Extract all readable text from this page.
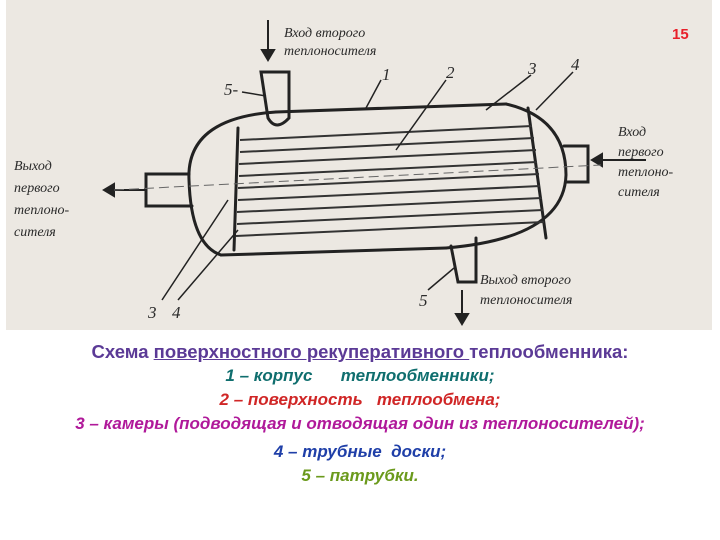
Вход второго
теплоносителя
Вход
первого
теплоно-
сителя
Выход
первого
теплоно-
сителя
Выход второго
теплоносителя
1	2	3 4
5-
5
3 4
15
Схема поверхностного рекуперативного теплообменника:
1 – корпус      теплообменники;
2 – поверхность   теплообмена;
3 – камеры (подводящая и отводящая один из теплоносителей);
4 – трубные  доски;
5 – патрубки.
